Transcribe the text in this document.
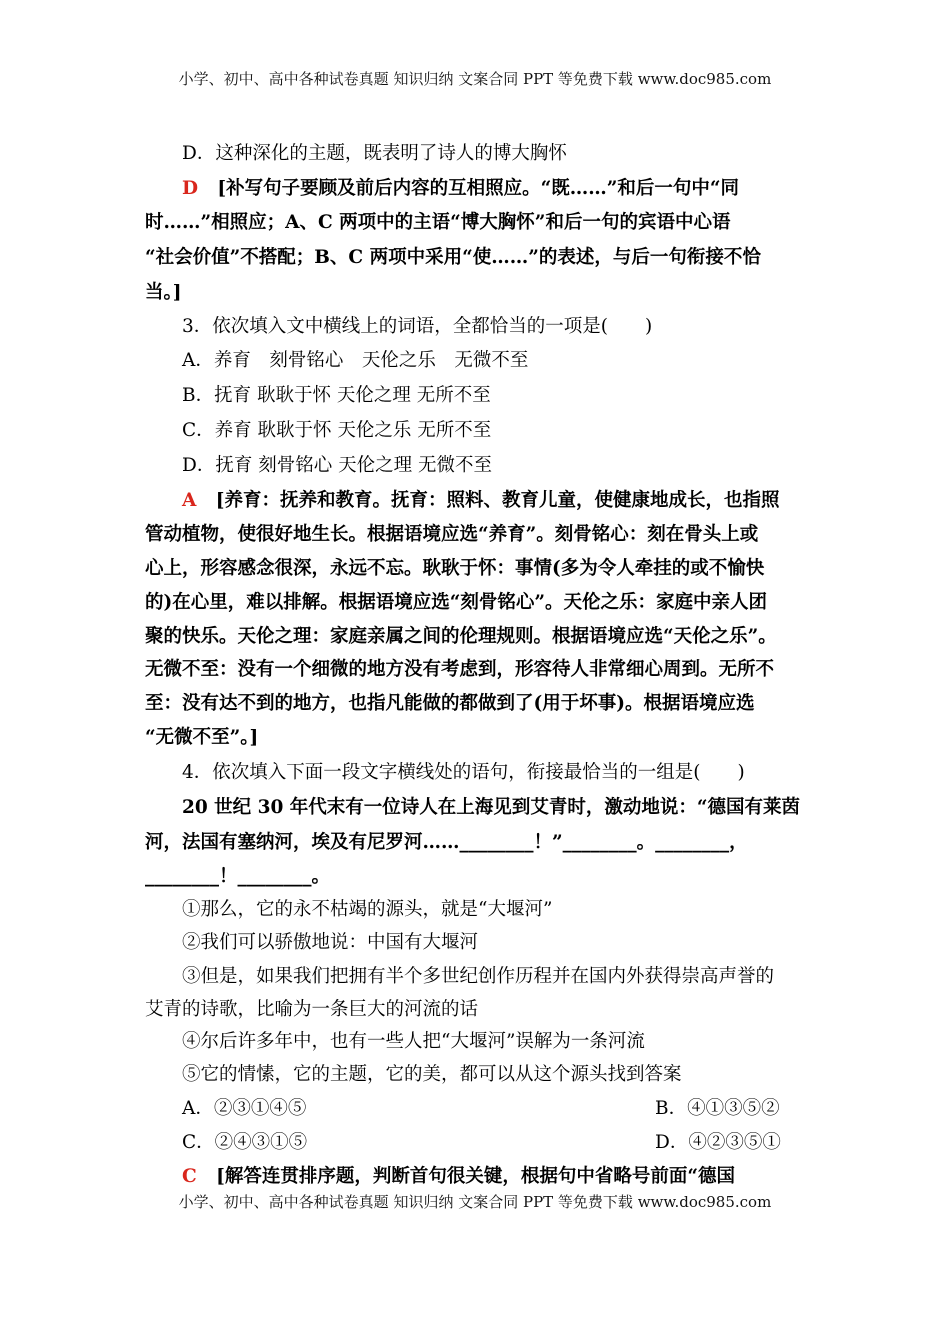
小学、初中、高中各种试卷真题 知识归纳 文案合同 PPT 等免费下载 www.doc985.com
D．这种深化的主题，既表明了诗人的博大胸怀
D [补写句子要顾及前后内容的互相照应。“既……”和后一句中“同
时……”相照应；A、C 两项中的主语“博大胸怀”和后一句的宾语中心语
“社会价值”不搭配；B、C 两项中采用“使……”的表述，与后一句衔接不恰
当。]
3．依次填入文中横线上的词语，全都恰当的一项是(　　)
A．养育　刻骨铭心　天伦之乐　无微不至
B．抚育 耿耿于怀 天伦之理 无所不至
C．养育 耿耿于怀 天伦之乐 无所不至
D．抚育 刻骨铭心 天伦之理 无微不至
A [养育：抚养和教育。抚育：照料、教育儿童，使健康地成长，也指照
管动植物，使很好地生长。根据语境应选“养育”。刻骨铭心：刻在骨头上或
心上，形容感念很深，永远不忘。耿耿于怀：事情(多为令人牵挂的或不愉快
的)在心里，难以排解。根据语境应选“刻骨铭心”。天伦之乐：家庭中亲人团
聚的快乐。天伦之理：家庭亲属之间的伦理规则。根据语境应选“天伦之乐”。
无微不至：没有一个细微的地方没有考虑到，形容待人非常细心周到。无所不
至：没有达不到的地方，也指凡能做的都做到了(用于坏事)。根据语境应选
“无微不至”。]
4．依次填入下面一段文字横线处的语句，衔接最恰当的一组是(　　)
20 世纪 30 年代末有一位诗人在上海见到艾青时，激动地说：“德国有莱茵
河，法国有塞纳河，埃及有尼罗河……________！”________。________，
________！________。
①那么，它的永不枯竭的源头，就是“大堰河”
②我们可以骄傲地说：中国有大堰河
③但是，如果我们把拥有半个多世纪创作历程并在国内外获得崇高声誉的
艾青的诗歌，比喻为一条巨大的河流的话
④尔后许多年中，也有一些人把“大堰河”误解为一条河流
⑤它的情愫，它的主题，它的美，都可以从这个源头找到答案
A．②③①④⑤	B．④①③⑤②
C．②④③①⑤	D．④②③⑤①
C [解答连贯排序题，判断首句很关键，根据句中省略号前面“德国
小学、初中、高中各种试卷真题 知识归纳 文案合同 PPT 等免费下载 www.doc985.com
